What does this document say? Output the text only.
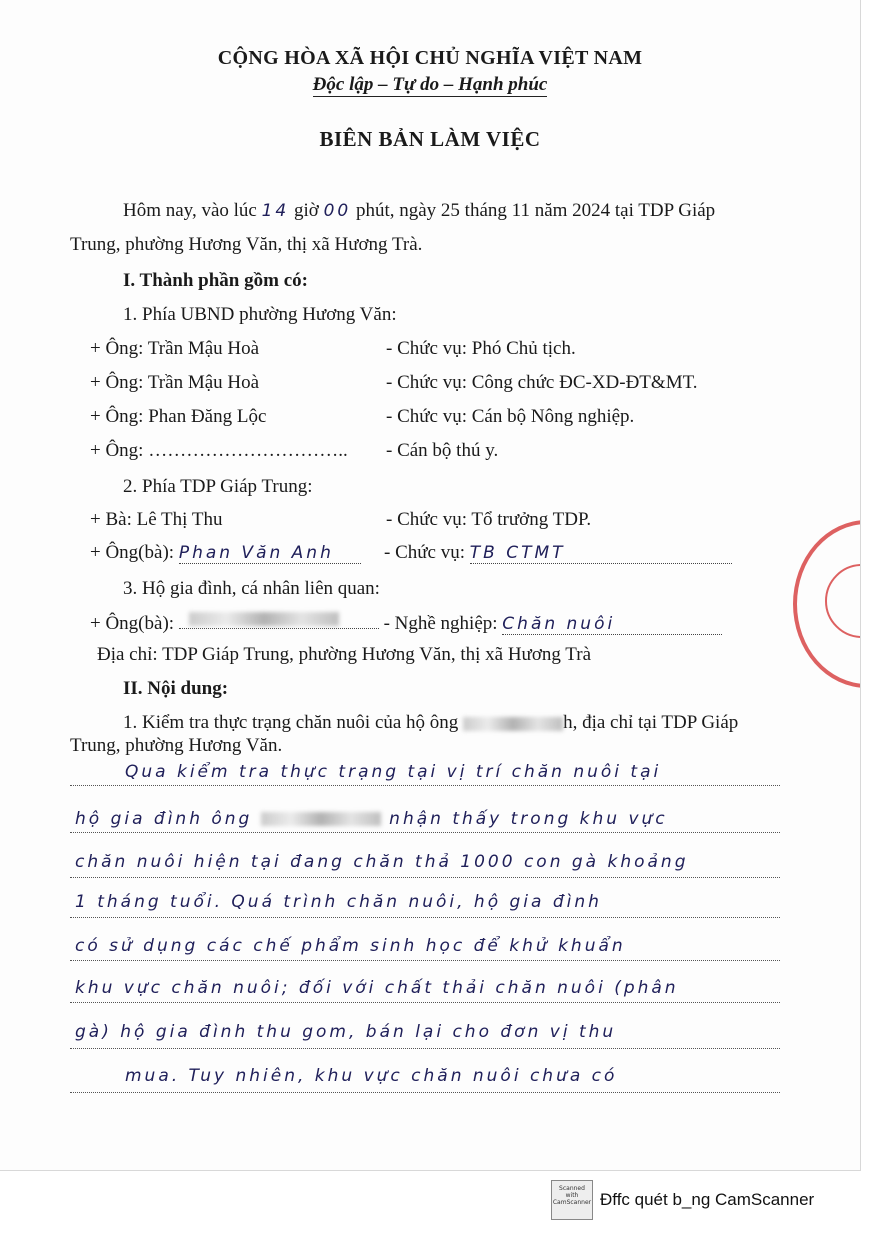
CỘNG HÒA XÃ HỘI CHỦ NGHĨA VIỆT NAM
Độc lập – Tự do – Hạnh phúc
BIÊN BẢN LÀM VIỆC
Hôm nay, vào lúc 14 giờ 00 phút, ngày 25 tháng 11 năm 2024 tại TDP Giáp
Trung, phường Hương Văn, thị xã Hương Trà.
I. Thành phần gồm có:
1. Phía UBND phường Hương Văn:
+ Ông: Trần Mậu Hoà	- Chức vụ: Phó Chủ tịch.
+ Ông: Trần Mậu Hoà	- Chức vụ: Công chức ĐC-XD-ĐT&MT.
+ Ông: Phan Đăng Lộc	- Chức vụ: Cán bộ Nông nghiệp.
+ Ông: ………………………….. - Cán bộ thú y.
2. Phía TDP Giáp Trung:
+ Bà: Lê Thị Thu	- Chức vụ: Tổ trưởng TDP.
+ Ông(bà): Phan Văn Anh	- Chức vụ: TB CTMT
3. Hộ gia đình, cá nhân liên quan:
+ Ông(bà):	- Nghề nghiệp: Chăn nuôi
Địa chỉ: TDP Giáp Trung, phường Hương Văn, thị xã Hương Trà
II. Nội dung:
1. Kiểm tra thực trạng chăn nuôi của hộ ông	h, địa chỉ tại TDP Giáp
Trung, phường Hương Văn.
Qua kiểm tra thực trạng tại vị trí chăn nuôi tại
hộ gia đình ông	nhận thấy trong khu vực
chăn nuôi hiện tại đang chăn thả 1000 con gà khoảng
1 tháng tuổi. Quá trình chăn nuôi, hộ gia đình
có sử dụng các chế phẩm sinh học để khử khuẩn
khu vực chăn nuôi; đối với chất thải chăn nuôi (phân
gà) hộ gia đình thu gom, bán lại cho đơn vị thu
mua. Tuy nhiên, khu vực chăn nuôi chưa có
Scanned with CamScanner Đffc quét b_ng CamScanner
